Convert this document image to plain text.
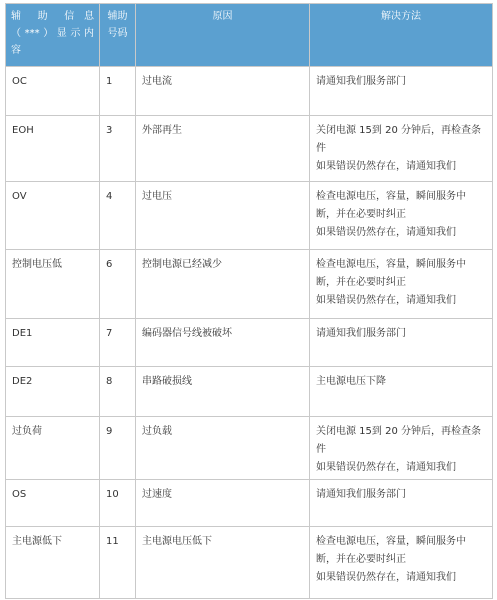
辅　助　信 息（***）显示内
容	辅助 号码	原因	解决方法

OC	1	过电流	请通知我们服务部门

EOH	3	外部再生	关闭电源 15到 20 分钟后，再检查条
件
如果错误仍然存在，请通知我们

OV	4	过电压	检查电源电压，容量，瞬间服务中
断，并在必要时纠正
如果错误仍然存在，请通知我们

控制电压低	6	控制电源已经减少	检查电源电压，容量，瞬间服务中
断，并在必要时纠正
如果错误仍然存在，请通知我们

DE1	7	编码器信号线被破坏	请通知我们服务部门

DE2	8	串路破损线	主电源电压下降

过负荷	9	过负载	关闭电源 15到 20 分钟后，再检查条
件
如果错误仍然存在，请通知我们

OS	10	过速度	请通知我们服务部门

主电源低下	11	主电源电压低下	检查电源电压，容量，瞬间服务中
断，并在必要时纠正
如果错误仍然存在，请通知我们
